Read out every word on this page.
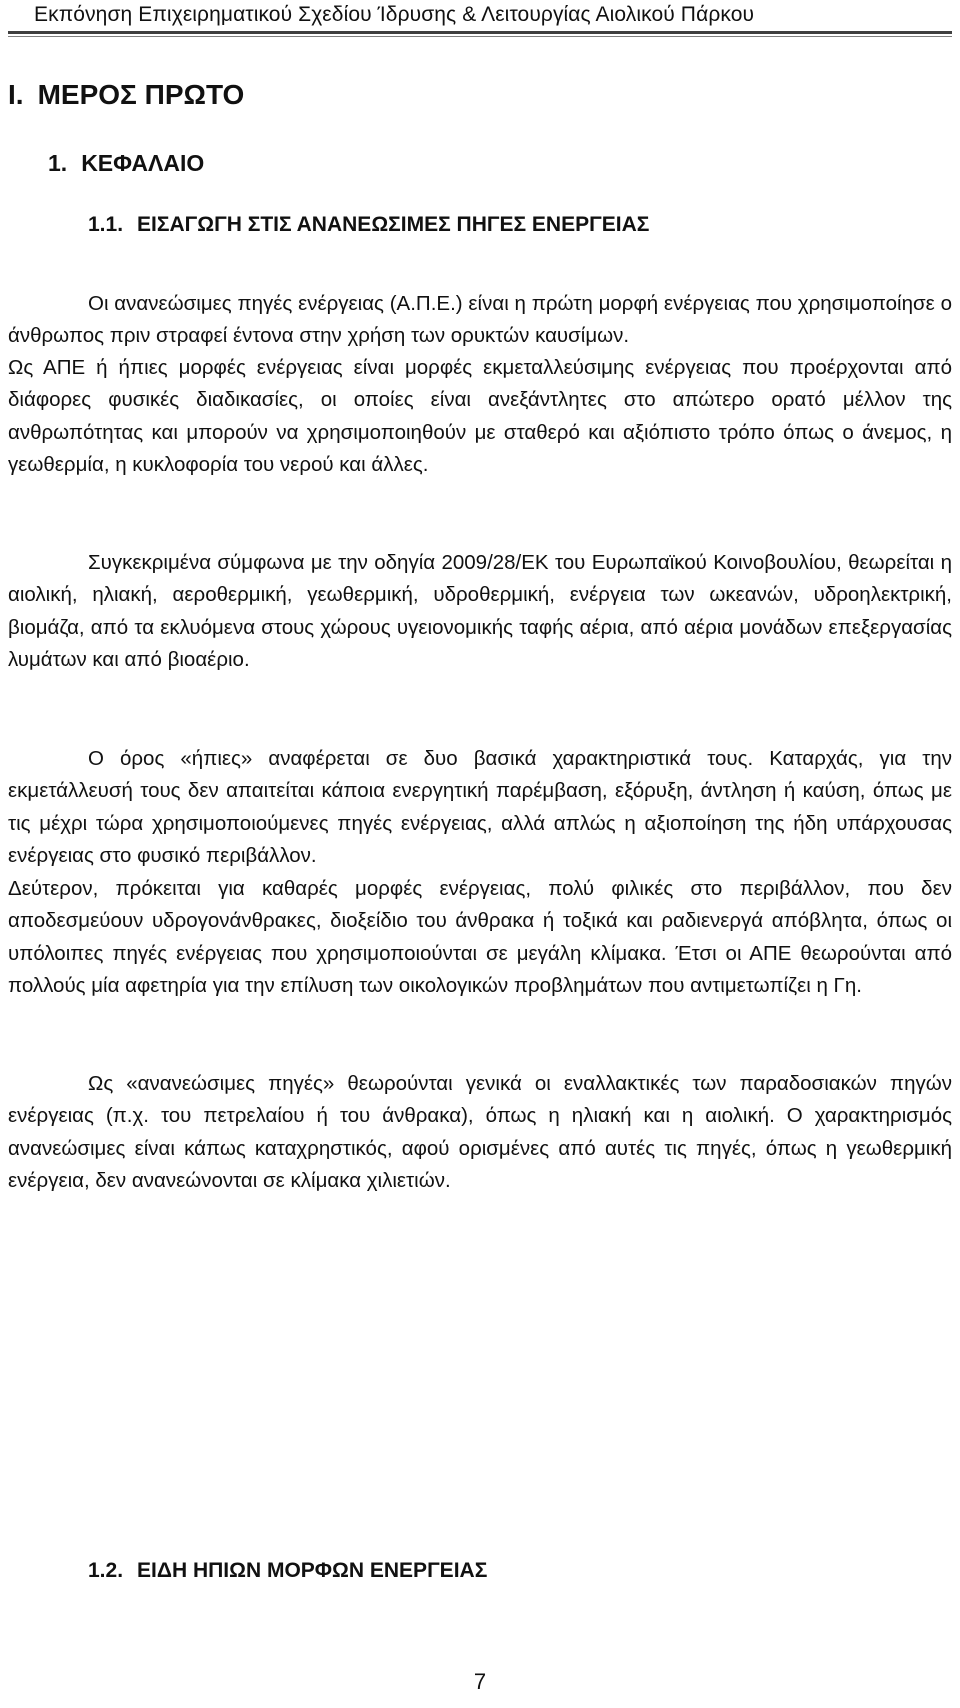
Εκπόνηση Επιχειρηματικού Σχεδίου Ίδρυσης & Λειτουργίας Αιολικού Πάρκου
Ι. ΜΕΡΟΣ ΠΡΩΤΟ
1. ΚΕΦΑΛΑΙΟ
1.1. ΕΙΣΑΓΩΓΗ ΣΤΙΣ ΑΝΑΝΕΩΣΙΜΕΣ ΠΗΓΕΣ ΕΝΕΡΓΕΙΑΣ

Οι ανανεώσιμες πηγές ενέργειας (Α.Π.Ε.) είναι η πρώτη μορφή ενέργειας που χρησιμοποίησε ο άνθρωπος πριν στραφεί έντονα στην χρήση των ορυκτών καυσίμων.

Ως ΑΠΕ ή ήπιες μορφές ενέργειας είναι μορφές εκμεταλλεύσιμης ενέργειας που προέρχονται από διάφορες φυσικές διαδικασίες, οι οποίες είναι ανεξάντλητες στο απώτερο ορατό μέλλον της ανθρωπότητας και μπορούν να χρησιμοποιηθούν με σταθερό και αξιόπιστο τρόπο όπως ο άνεμος, η γεωθερμία, η κυκλοφορία του νερού και άλλες.

Συγκεκριμένα σύμφωνα με την οδηγία 2009/28/ΕΚ του Ευρωπαϊκού Κοινοβουλίου, θεωρείται η αιολική, ηλιακή, αεροθερμική, γεωθερμική, υδροθερμική, ενέργεια των ωκεανών, υδροηλεκτρική, βιομάζα, από τα εκλυόμενα στους χώρους υγειονομικής ταφής αέρια, από αέρια μονάδων επεξεργασίας λυμάτων και από βιοαέριο.

Ο όρος «ήπιες» αναφέρεται σε δυο βασικά χαρακτηριστικά τους. Καταρχάς, για την εκμετάλλευσή τους δεν απαιτείται κάποια ενεργητική παρέμβαση, εξόρυξη, άντληση ή καύση, όπως με τις μέχρι τώρα χρησιμοποιούμενες πηγές ενέργειας, αλλά απλώς η αξιοποίηση της ήδη υπάρχουσας ενέργειας στο φυσικό περιβάλλον.

Δεύτερον, πρόκειται για καθαρές μορφές ενέργειας, πολύ φιλικές στο περιβάλλον, που δεν αποδεσμεύουν υδρογονάνθρακες, διοξείδιο του άνθρακα ή τοξικά και ραδιενεργά απόβλητα, όπως οι υπόλοιπες πηγές ενέργειας που χρησιμοποιούνται σε μεγάλη κλίμακα. Έτσι οι ΑΠΕ θεωρούνται από πολλούς μία αφετηρία για την επίλυση των οικολογικών προβλημάτων που αντιμετωπίζει η Γη.

Ως «ανανεώσιμες πηγές» θεωρούνται γενικά οι εναλλακτικές των παραδοσιακών πηγών ενέργειας (π.χ. του πετρελαίου ή του άνθρακα), όπως η ηλιακή και η αιολική. Ο χαρακτηρισμός ανανεώσιμες είναι κάπως καταχρηστικός, αφού ορισμένες από αυτές τις πηγές, όπως η γεωθερμική ενέργεια, δεν ανανεώνονται σε κλίμακα χιλιετιών.

1.2. ΕΙΔΗ ΗΠΙΩΝ ΜΟΡΦΩΝ ΕΝΕΡΓΕΙΑΣ
7
